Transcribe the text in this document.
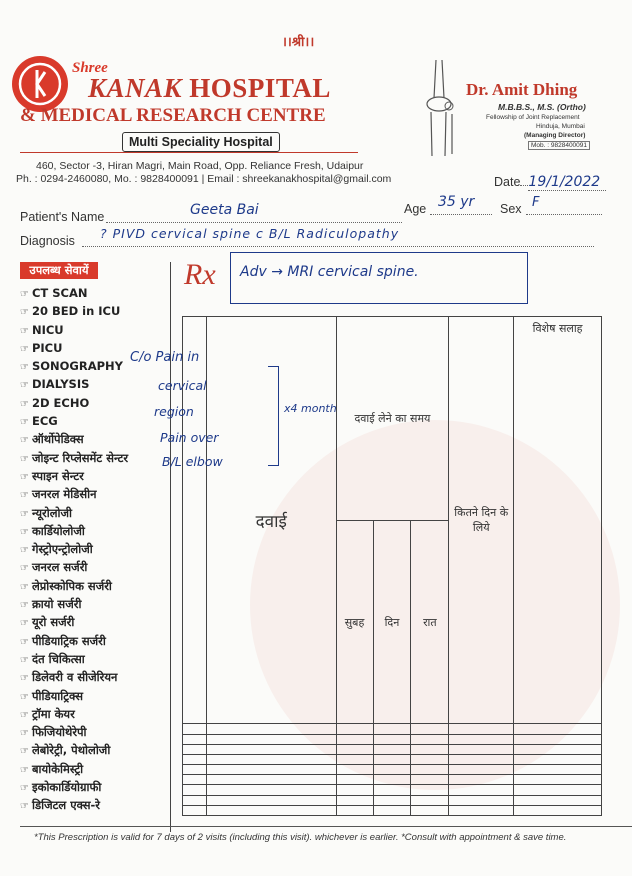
।।श्री।।
Shree
KANAK HOSPITAL
& MEDICAL RESEARCH CENTRE
Multi Speciality Hospital
460, Sector -3, Hiran Magri, Main Road, Opp. Reliance Fresh, Udaipur
Ph. : 0294-2460080, Mo. : 9828400091 | Email : shreekanakhospital@gmail.com
Dr. Amit Dhing
M.B.B.S., M.S. (Ortho)
Fellowship of Joint Replacement
Hinduja, Mumbai
(Managing Director)
Mob. : 9828400091
Date 19/1/2022
Patient's Name	Geeta Bai	Age 35 yr Sex F
Diagnosis ? PIVD cervical spine c B/L Radiculopathy
उपलब्ध सेवायें
☞ CT SCAN
☞ 20 BED in ICU
☞ NICU
☞ PICU
☞ SONOGRAPHY
☞ DIALYSIS
☞ 2D ECHO
☞ ECG
☞ ऑर्थोपेडिक्स
☞ जोइन्ट रिप्लेसमेंट सेन्टर
☞ स्पाइन सेन्टर
☞ जनरल मेडिसीन
☞ न्यूरोलोजी
☞ कार्डियोलोजी
☞ गेस्ट्रोएन्ट्रोलोजी
☞ जनरल सर्जरी
☞ लेप्रोस्कोपिक सर्जरी
☞ क्रायो सर्जरी
☞ यूरो सर्जरी
☞ पीडियाट्रिक सर्जरी
☞ दंत चिकित्सा
☞ डिलेवरी व सीजेरियन
☞ पीडियाट्रिक्स
☞ ट्रॉमा केयर
☞ फिजियोथेरेपी
☞ लेबोरेट्री, पेथोलोजी
☞ बायोकेमिस्ट्री
☞ इकोकार्डियोग्राफी
☞ डिजिटल एक्स-रे
Rx Adv → MRI cervical spine.
	दवाई	दवाई लेने का समय			कितने दिन के लिये	विशेष सलाह
		सुबह	दिन	रात		

C/o Pain in
cervical
region
Pain over
B/L elbow
x4 month
*This Prescription is valid for 7 days of 2 visits (including this visit). whichever is earlier. *Consult with appointment & save time.
